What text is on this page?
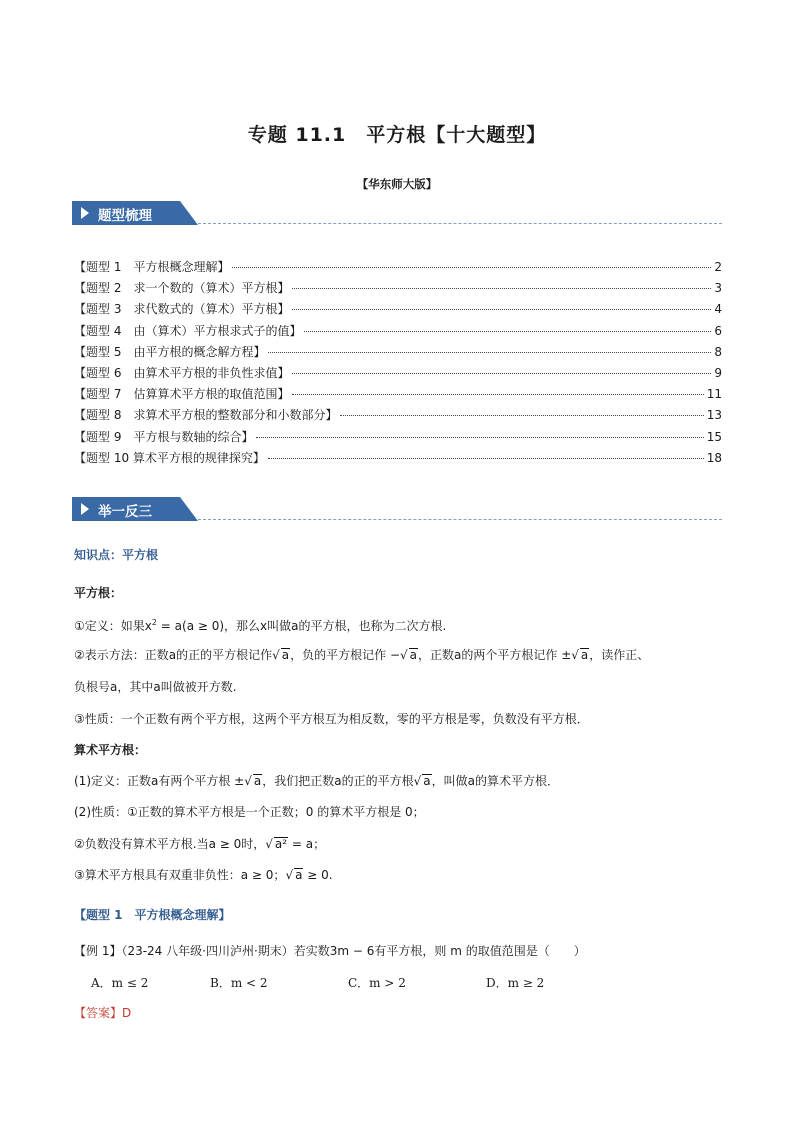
专题 11.1　平方根【十大题型】
【华东师大版】
题型梳理
【题型 1　平方根概念理解】	2
【题型 2　求一个数的（算术）平方根】	3
【题型 3　求代数式的（算术）平方根】	4
【题型 4　由（算术）平方根求式子的值】	6
【题型 5　由平方根的概念解方程】	8
【题型 6　由算术平方根的非负性求值】	9
【题型 7　估算算术平方根的取值范围】	11
【题型 8　求算术平方根的整数部分和小数部分】	13
【题型 9　平方根与数轴的综合】	15
【题型 10 算术平方根的规律探究】	18
举一反三
知识点：平方根
平方根：
①定义：如果$x^2 = a(a \ge 0)$，那么x叫做a的平方根，也称为二次方根.
②表示方法：正数a的正的平方根记作√ a，负的平方根记作 −√ a，正数a的两个平方根记作 ±√ a，读作正、
负根号a，其中a叫做被开方数.
③性质：一个正数有两个平方根，这两个平方根互为相反数，零的平方根是零，负数没有平方根．
算术平方根：
(1)定义：正数a有两个平方根 ±√ a，我们把正数a的正的平方根√ a，叫做a的算术平方根．
(2)性质：①正数的算术平方根是一个正数；0 的算术平方根是 0；
②负数没有算术平方根.当a ≥ 0时，√ a² = a；
③算术平方根具有双重非负性：a ≥ 0；√ a ≥ 0.
【题型 1　平方根概念理解】
【例 1】（23-24 八年级·四川泸州·期末）若实数3m − 6有平方根，则 m 的取值范围是（　　）
A．m ≤ 2	B．m < 2	C．m > 2	D．m ≥ 2
【答案】D
